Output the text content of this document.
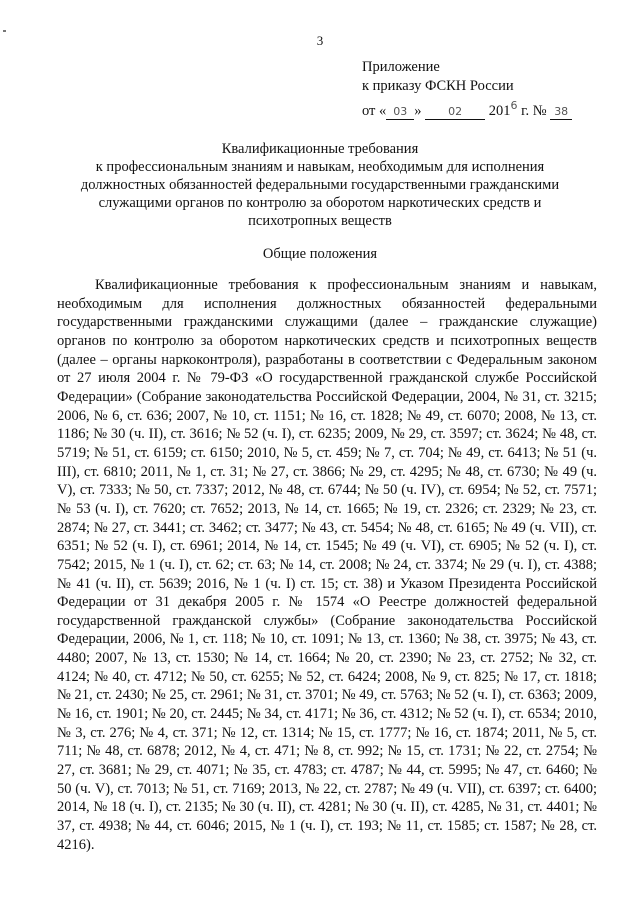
3
Приложение
к приказу ФСКН России
от « 03 » 02 $201^6$ г. № 38
Квалификационные требования
к профессиональным знаниям и навыкам, необходимым для исполнения
должностных обязанностей федеральными государственными гражданскими
служащими органов по контролю за оборотом наркотических средств и
психотропных веществ
Общие положения

Квалификационные требования к профессиональным знаниям и навыкам, необходимым для исполнения должностных обязанностей федеральными государственными гражданскими служащими (далее – гражданские служащие) органов по контролю за оборотом наркотических средств и психотропных веществ (далее – органы наркоконтроля), разработаны в соответствии с Федеральным законом от 27 июля 2004 г. № 79-ФЗ «О государственной гражданской службе Российской Федерации» (Собрание законодательства Российской Федерации, 2004, № 31, ст. 3215; 2006, № 6, ст. 636; 2007, № 10, ст. 1151; № 16, ст. 1828; № 49, ст. 6070; 2008, № 13, ст. 1186; № 30 (ч. II), ст. 3616; № 52 (ч. I), ст. 6235; 2009, № 29, ст. 3597; ст. 3624; № 48, ст. 5719; № 51, ст. 6159; ст. 6150; 2010, № 5, ст. 459; № 7, ст. 704; № 49, ст. 6413; № 51 (ч. III), ст. 6810; 2011, № 1, ст. 31; № 27, ст. 3866; № 29, ст. 4295; № 48, ст. 6730; № 49 (ч. V), ст. 7333; № 50, ст. 7337; 2012, № 48, ст. 6744; № 50 (ч. IV), ст. 6954; № 52, ст. 7571; № 53 (ч. I), ст. 7620; ст. 7652; 2013, № 14, ст. 1665; № 19, ст. 2326; ст. 2329; № 23, ст. 2874; № 27, ст. 3441; ст. 3462; ст. 3477; № 43, ст. 5454; № 48, ст. 6165; № 49 (ч. VII), ст. 6351; № 52 (ч. I), ст. 6961; 2014, № 14, ст. 1545; № 49 (ч. VI), ст. 6905; № 52 (ч. I), ст. 7542; 2015, № 1 (ч. I), ст. 62; ст. 63; № 14, ст. 2008; № 24, ст. 3374; № 29 (ч. I), ст. 4388; № 41 (ч. II), ст. 5639; 2016, № 1 (ч. I) ст. 15; ст. 38) и Указом Президента Российской Федерации от 31 декабря 2005 г. № 1574 «О Реестре должностей федеральной государственной гражданской службы» (Собрание законодательства Российской Федерации, 2006, № 1, ст. 118; № 10, ст. 1091; № 13, ст. 1360; № 38, ст. 3975; № 43, ст. 4480; 2007, № 13, ст. 1530; № 14, ст. 1664; № 20, ст. 2390; № 23, ст. 2752; № 32, ст. 4124; № 40, ст. 4712; № 50, ст. 6255; № 52, ст. 6424; 2008, № 9, ст. 825; № 17, ст. 1818; № 21, ст. 2430; № 25, ст. 2961; № 31, ст. 3701; № 49, ст. 5763; № 52 (ч. I), ст. 6363; 2009, № 16, ст. 1901; № 20, ст. 2445; № 34, ст. 4171; № 36, ст. 4312; № 52 (ч. I), ст. 6534; 2010, № 3, ст. 276; № 4, ст. 371; № 12, ст. 1314; № 15, ст. 1777; № 16, ст. 1874; 2011, № 5, ст. 711; № 48, ст. 6878; 2012, № 4, ст. 471; № 8, ст. 992; № 15, ст. 1731; № 22, ст. 2754; № 27, ст. 3681; № 29, ст. 4071; № 35, ст. 4783; ст. 4787; № 44, ст. 5995; № 47, ст. 6460; № 50 (ч. V), ст. 7013; № 51, ст. 7169; 2013, № 22, ст. 2787; № 49 (ч. VII), ст. 6397; ст. 6400; 2014, № 18 (ч. I), ст. 2135; № 30 (ч. II), ст. 4281; № 30 (ч. II), ст. 4285, № 31, ст. 4401; № 37, ст. 4938; № 44, ст. 6046; 2015, № 1 (ч. I), ст. 193; № 11, ст. 1585; ст. 1587; № 28, ст. 4216).
